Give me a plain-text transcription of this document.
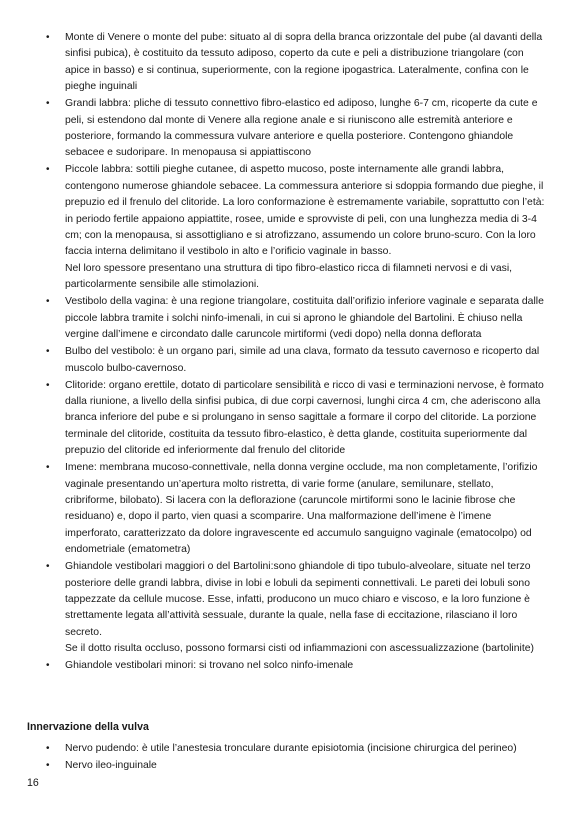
•	Monte di Venere o monte del pube: situato al di sopra della branca orizzontale del pube (al davanti della sinfisi pubica), è costituito da tessuto adiposo, coperto da cute e peli a distribuzione triangolare (con apice in basso) e si continua, superiormente, con la regione ipogastrica. Lateralmente, confina con le pieghe inguinali

•	Grandi labbra: pliche di tessuto connettivo fibro-elastico ed adiposo, lunghe 6-7 cm, ricoperte da cute e peli, si estendono dal monte di Venere alla regione anale e si riuniscono alle estremità anteriore e posteriore, formando la commessura vulvare anteriore e quella posteriore. Contengono ghiandole sebacee e sudoripare. In menopausa si appiattiscono

•	Piccole labbra: sottili pieghe cutanee, di aspetto mucoso, poste internamente alle grandi labbra, contengono numerose ghiandole sebacee. La commessura anteriore si sdoppia formando due pieghe, il prepuzio ed il frenulo del clitoride. La loro conformazione è estremamente variabile, soprattutto con l’età: in periodo fertile appaiono appiattite, rosee, umide e sprovviste di peli, con una lunghezza media di 3-4 cm; con la menopausa, si assottigliano e si atrofizzano, assumendo un colore bruno-scuro. Con la loro faccia interna delimitano il vestibolo in alto e l’orificio vaginale in basso.

Nel loro spessore presentano una struttura di tipo fibro-elastico ricca di filamneti nervosi e di vasi, particolarmente sensibile alle stimolazioni.

•	Vestibolo della vagina: è una regione triangolare, costituita dall’orifizio inferiore vaginale e separata dalle piccole labbra tramite i solchi ninfo-imenali, in cui si aprono le ghiandole del Bartolini. È chiuso nella vergine dall’imene e circondato dalle caruncole mirtiformi (vedi dopo) nella donna deflorata

•	Bulbo del vestibolo: è un organo pari, simile ad una clava, formato da tessuto cavernoso e ricoperto dal muscolo bulbo-cavernoso.

•	Clitoride: organo erettile, dotato di particolare sensibilità e ricco di vasi e terminazioni nervose, è formato dalla riunione, a livello della sinfisi pubica, di due corpi cavernosi, lunghi circa 4 cm, che aderiscono alla branca inferiore del pube e si prolungano in senso sagittale a formare il corpo del clitoride. La porzione terminale del clitoride, costituita da tessuto fibro-elastico, è detta glande, costituita superiormente dal prepuzio del clitoride ed inferiormente dal frenulo del clitoride

•	Imene: membrana mucoso-connettivale, nella donna vergine occlude, ma non completamente, l’orifizio vaginale presentando un’apertura molto ristretta, di varie forme (anulare, semilunare, stellato, cribriforme, bilobato). Si lacera con la deflorazione (caruncole mirtiformi sono le lacinie fibrose che residuano) e, dopo il parto, vien quasi a scomparire. Una malformazione dell’imene è l’imene imperforato, caratterizzato da dolore ingravescente ed accumulo sanguigno vaginale (ematocolpo) od endometriale (ematometra)

•	Ghiandole vestibolari maggiori o del Bartolini:sono ghiandole di tipo tubulo-alveolare, situate nel terzo posteriore delle grandi labbra, divise in lobi e lobuli da sepimenti connettivali. Le pareti dei lobuli sono tappezzate da cellule mucose. Esse, infatti, producono un muco chiaro e viscoso, e la loro funzione è strettamente legata all’attività sessuale, durante la quale, nella fase di eccitazione, rilasciano il loro secreto.

Se il dotto risulta occluso, possono formarsi cisti od infiammazioni con ascessualizzazione (bartolinite)

•	Ghiandole vestibolari minori: si trovano nel solco ninfo-imenale

Innervazione della vulva
•	Nervo pudendo: è utile l’anestesia tronculare durante episiotomia (incisione chirurgica del perineo)

•	Nervo ileo-inguinale

16
